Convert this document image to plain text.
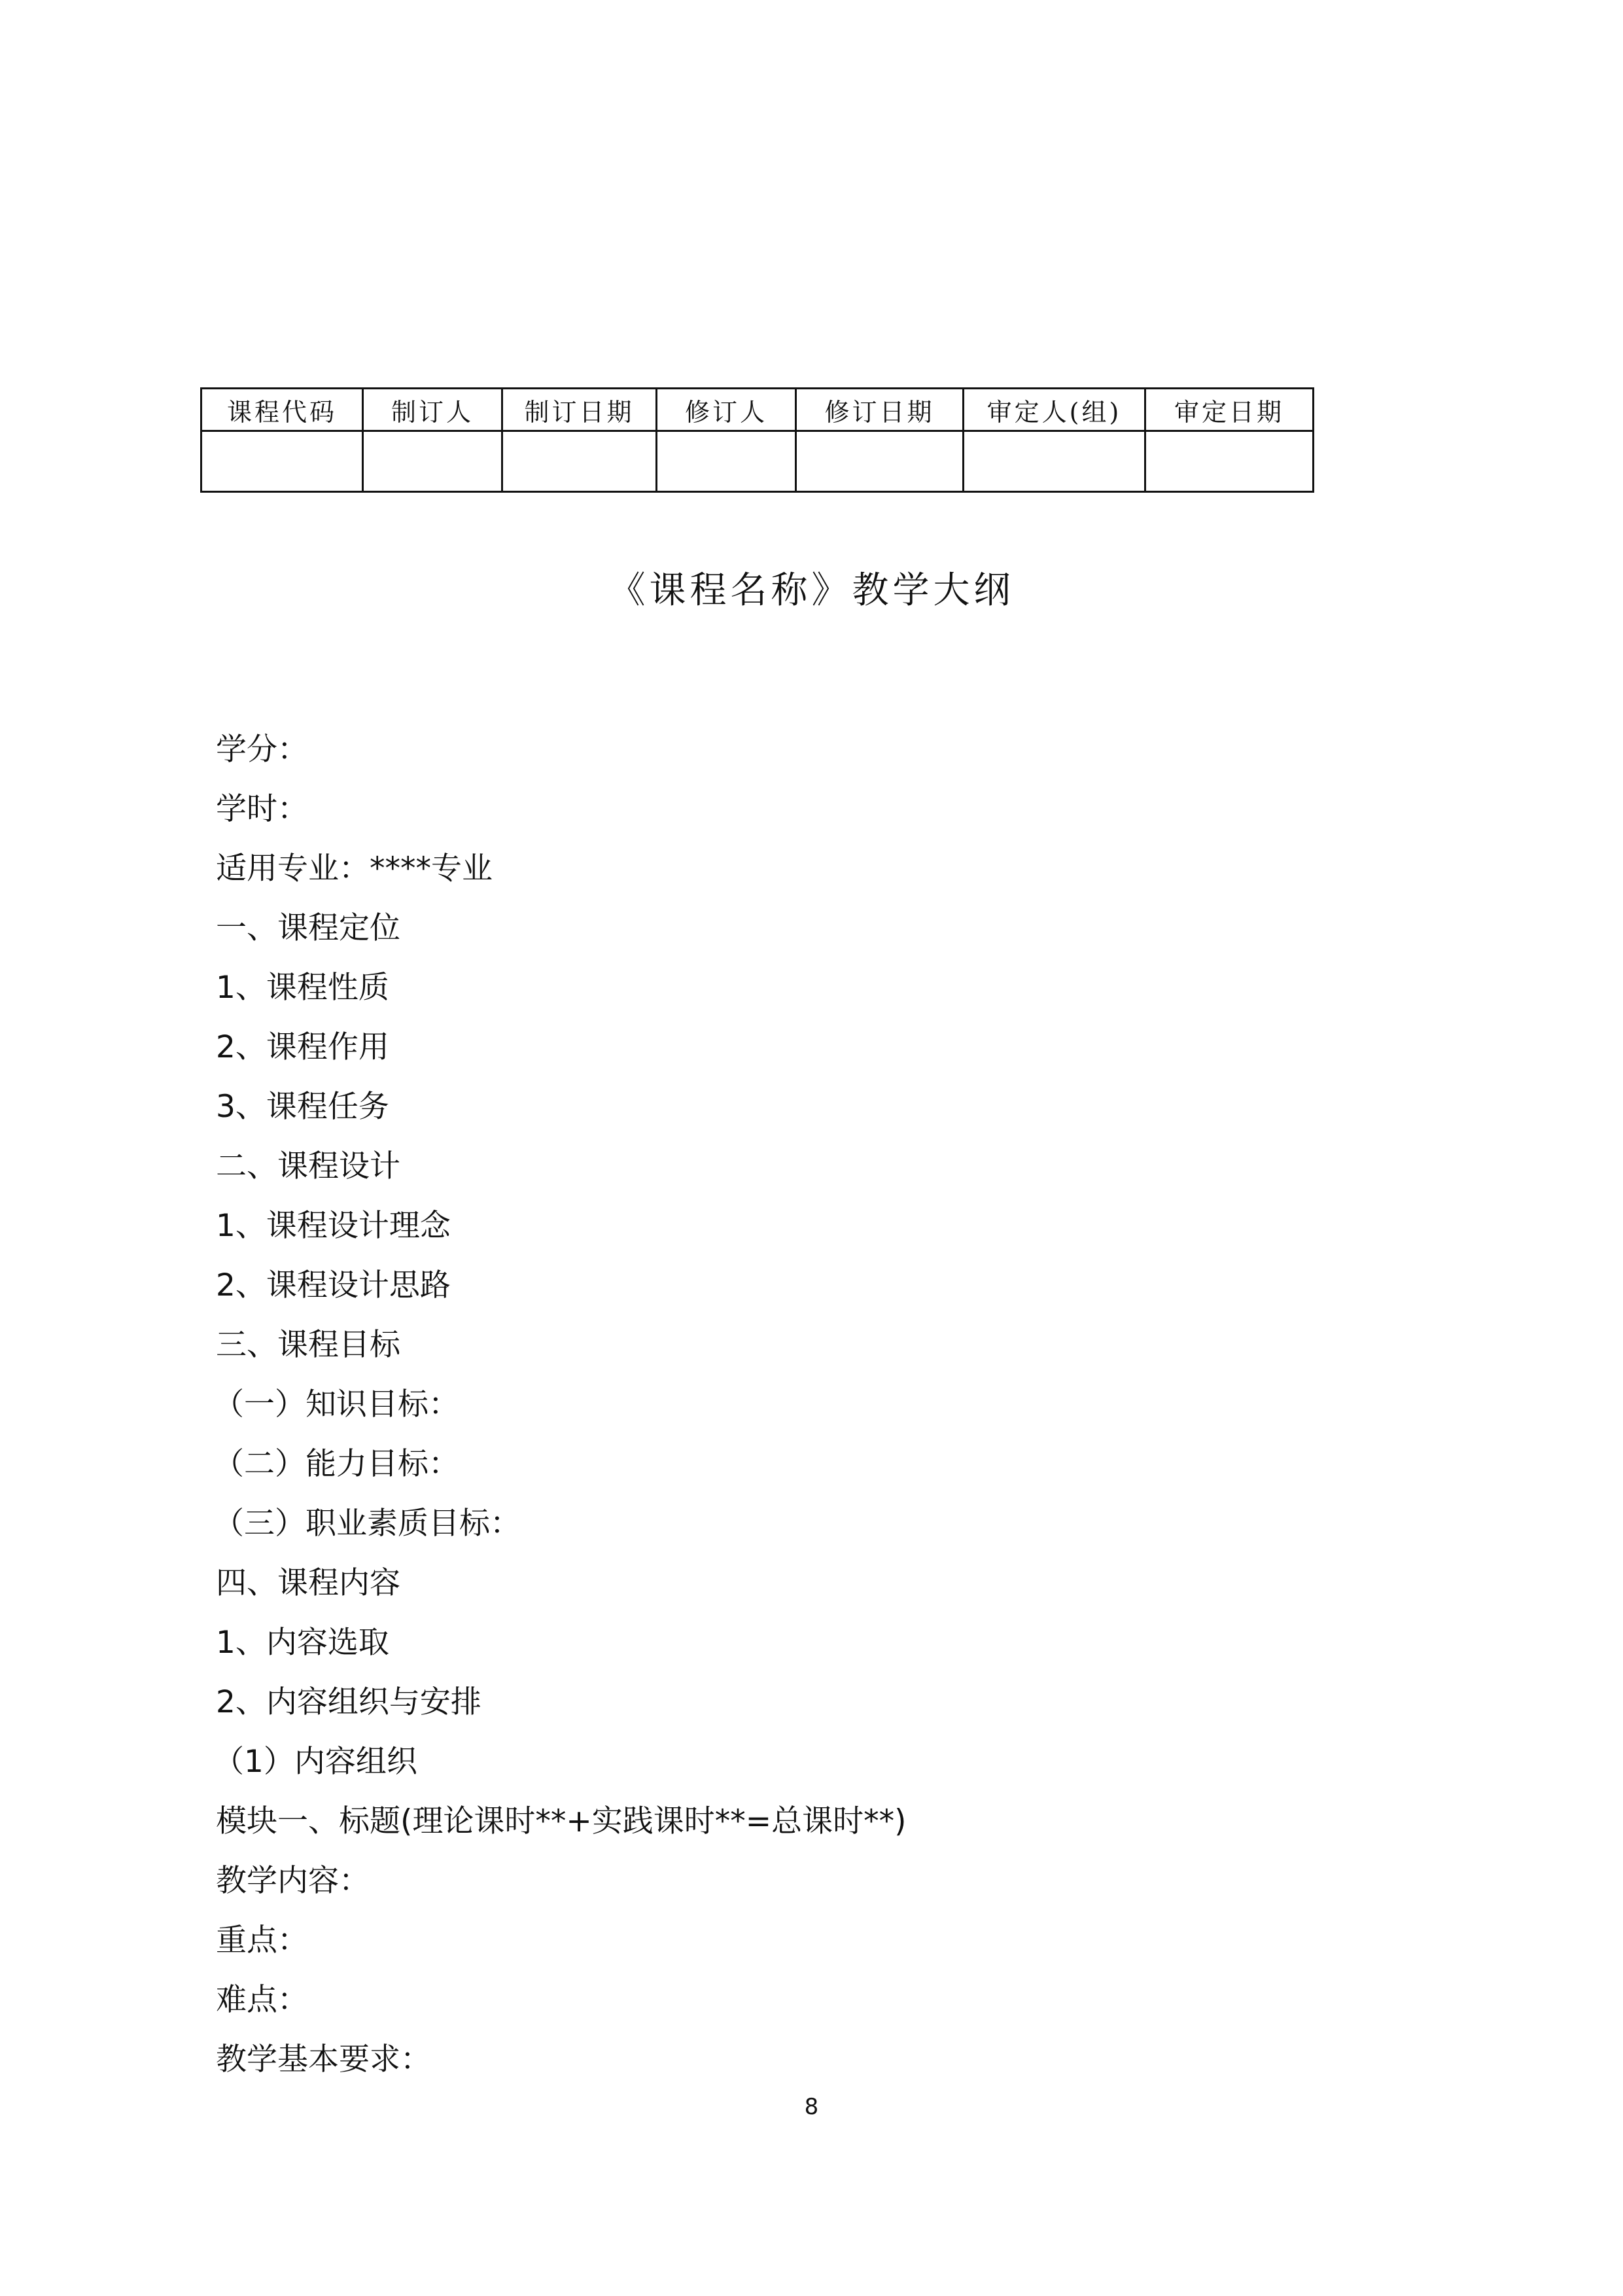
课程代码	制订人	制订日期	修订人	修订日期	审定人(组)	审定日期

《课程名称》教学大纲
学分：
学时：
适用专业：****专业
一、课程定位
1、课程性质
2、课程作用
3、课程任务
二、课程设计
1、课程设计理念
2、课程设计思路
三、课程目标
（一）知识目标：
（二）能力目标：
（三）职业素质目标：
四、课程内容
1、内容选取
2、内容组织与安排
（1）内容组织
模块一、标题(理论课时**+实践课时**=总课时**)
教学内容：
重点：
难点：
教学基本要求：
8
